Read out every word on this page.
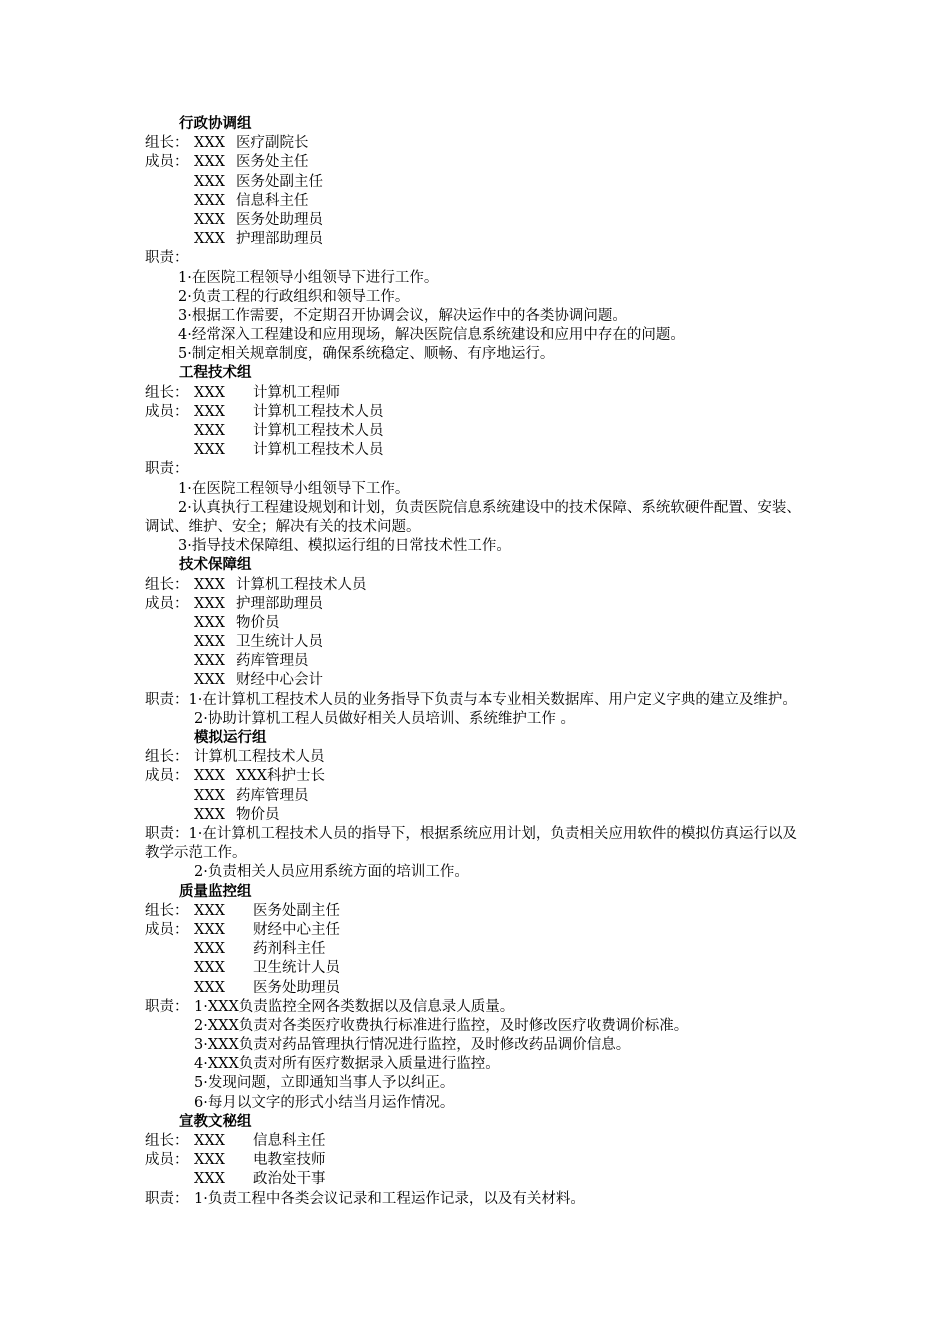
行政协调组
组长： XXX 医疗副院长
成员： XXX 医务处主任
XXX 医务处副主任
XXX 信息科主任
XXX 医务处助理员
XXX 护理部助理员
职责：
1·在医院工程领导小组领导下进行工作。
2·负责工程的行政组织和领导工作。
3·根据工作需要，不定期召开协调会议，解决运作中的各类协调问题。
4·经常深入工程建设和应用现场，解决医院信息系统建设和应用中存在的问题。
5·制定相关规章制度，确保系统稳定、顺畅、有序地运行。
工程技术组
组长： XXX 计算机工程师
成员： XXX 计算机工程技术人员
XXX 计算机工程技术人员
XXX 计算机工程技术人员
职责：
1·在医院工程领导小组领导下工作。
2·认真执行工程建设规划和计划，负责医院信息系统建设中的技术保障、系统软硬件配置、安装、调试、维护、安全；解决有关的技术问题。
3·指导技术保障组、模拟运行组的日常技术性工作。
技术保障组
组长： XXX 计算机工程技术人员
成员： XXX 护理部助理员
XXX 物价员
XXX 卫生统计人员
XXX 药库管理员
XXX 财经中心会计
职责：1·在计算机工程技术人员的业务指导下负责与本专业相关数据库、用户定义字典的建立及维护。
2·协助计算机工程人员做好相关人员培训、系统维护工作 。
模拟运行组
组长： 计算机工程技术人员
成员： XXX XXX科护士长
XXX 药库管理员
XXX 物价员
职责：1·在计算机工程技术人员的指导下，根据系统应用计划，负责相关应用软件的模拟仿真运行以及教学示范工作。
2·负责相关人员应用系统方面的培训工作。
质量监控组
组长： XXX 医务处副主任
成员： XXX 财经中心主任
XXX 药剂科主任
XXX 卫生统计人员
XXX 医务处助理员
职责： 1·XXX负责监控全网各类数据以及信息录人质量。
2·XXX负责对各类医疗收费执行标准进行监控，及时修改医疗收费调价标准。
3·XXX负责对药品管理执行情况进行监控，及时修改药品调价信息。
4·XXX负责对所有医疗数据录入质量进行监控。
5·发现问题，立即通知当事人予以纠正。
6·每月以文字的形式小结当月运作情况。
宣教文秘组
组长： XXX 信息科主任
成员： XXX 电教室技师
XXX 政治处干事
职责： 1·负责工程中各类会议记录和工程运作记录，以及有关材料。
